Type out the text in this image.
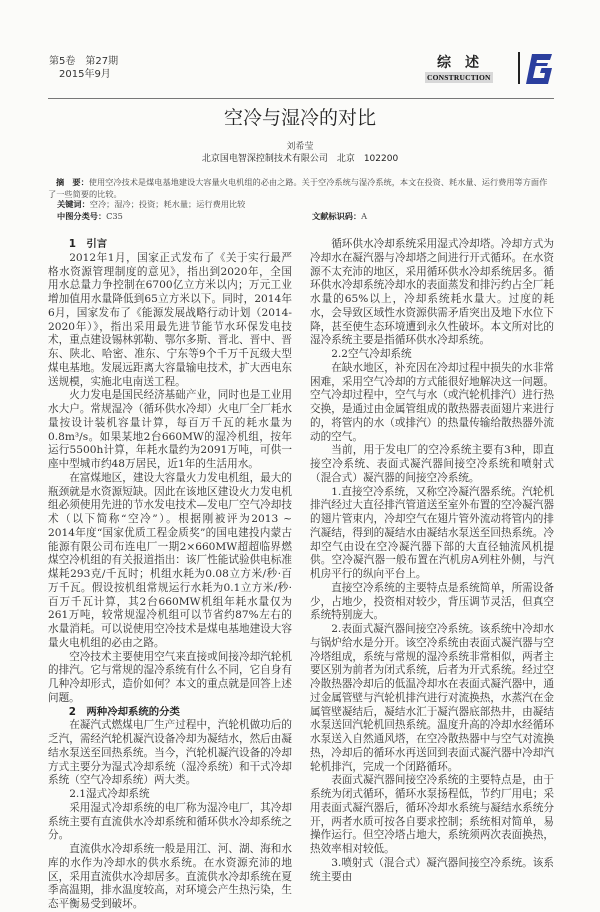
第5卷　第27期
2015年9月
综述
CONSTRUCTION
空冷与湿冷的对比
刘希莹
北京国电智深控制技术有限公司　北京　102200
摘　要：使用空冷技术是煤电基地建设大容量火电机组的必由之路。关于空冷系统与湿冷系统，本文在投资、耗水量、运行费用等方面作了一些简要的比较。
关键词：空冷；湿冷；投资；耗水量；运行费用比较
中图分类号：C35	文献标识码：A
1　引言

2012年1月，国家正式发布了《关于实行最严格水资源管理制度的意见》，指出到2020年，全国用水总量力争控制在6700亿立方米以内；万元工业增加值用水量降低到65立方米以下。同时，2014年6月，国家发布了《能源发展战略行动计划（2014-2020年）》，指出采用最先进节能节水环保发电技术，重点建设锡林郭勒、鄂尔多斯、晋北、晋中、晋东、陕北、哈密、准东、宁东等9个千万千瓦级大型煤电基地。发展远距离大容量输电技术，扩大西电东送规模，实施北电南送工程。

火力发电是国民经济基础产业，同时也是工业用水大户。常规湿冷（循环供水冷却）火电厂全厂耗水量按设计装机容量计算，每百万千瓦的耗水量为0.8m³/s。如果某地2台660MW的湿冷机组，按年运行5500h计算，年耗水量约为2091万吨，可供一座中型城市约48万居民，近1年的生活用水。

在富煤地区，建设大容量火力发电机组，最大的瓶颈就是水资源短缺。因此在该地区建设火力发电机组必须使用先进的节水发电技术—发电厂空气冷却技术（以下简称“空冷”）。根据刚被评为2013 ~ 2014年度“国家优质工程金质奖”的国电建投内蒙古能源有限公司布连电厂一期2×660MW超超临界燃煤空冷机组的有关报道指出：该厂性能试验供电标准煤耗293克/千瓦时；机组水耗为0.08立方米/秒·百万千瓦。假设按机组常规运行水耗为0.1立方米/秒·百万千瓦计算，其2台660MW机组年耗水量仅为261万吨，较常规湿冷机组可以节省约87%左右的水量消耗。可以说使用空冷技术是煤电基地建设大容量火电机组的必由之路。

空冷技术主要使用空气来直接或间接冷却汽轮机的排汽。它与常规的湿冷系统有什么不同，它自身有几种冷却形式，造价如何？本文的重点就是回答上述问题。

2　两种冷却系统的分类

在凝汽式燃煤电厂生产过程中，汽轮机做功后的乏汽，需经汽轮机凝汽设备冷却为凝结水，然后由凝结水泵送至回热系统。当今，汽轮机凝汽设备的冷却方式主要分为湿式冷却系统（湿冷系统）和干式冷却系统（空气冷却系统）两大类。

2.1湿式冷却系统

采用湿式冷却系统的电厂称为湿冷电厂，其冷却系统主要有直流供水冷却系统和循环供水冷却系统之分。

直流供水冷却系统一般是用江、河、湖、海和水库的水作为冷却水的供水系统。在水资源充沛的地区，采用直流供水冷却居多。直流供水冷却系统在夏季高温期，排水温度较高，对环境会产生热污染，生态平衡易受到破坏。

循环供水冷却系统采用湿式冷却塔。冷却方式为冷却水在凝汽器与冷却塔之间进行开式循环。在水资源不太充沛的地区，采用循环供水冷却系统居多。循环供水冷却系统冷却水的表面蒸发和排污约占全厂耗水量的65%以上，冷却系统耗水量大。过度的耗水，会导致区域性水资源供需矛盾突出及地下水位下降，甚至使生态环境遭到永久性破坏。本文所对比的湿冷系统主要是指循环供水冷却系统。

2.2空气冷却系统

在缺水地区，补充因在冷却过程中损失的水非常困难，采用空气冷却的方式能很好地解决这一问题。空气冷却过程中，空气与水（或汽轮机排汽）进行热交换，是通过由金属管组成的散热器表面翅片来进行的，将管内的水（或排汽）的热量传输给散热器外流动的空气。

当前，用于发电厂的空冷系统主要有3种，即直接空冷系统、表面式凝汽器间接空冷系统和喷射式（混合式）凝汽器的间接空冷系统。

1.直接空冷系统，又称空冷凝汽器系统。汽轮机排汽经过大直径排汽管道送至室外布置的空冷凝汽器的翅片管束内，冷却空气在翅片管外流动将管内的排汽凝结，得到的凝结水由凝结水泵送至回热系统。冷却空气由设在空冷凝汽器下部的大直径轴流风机提供。空冷凝汽器一般布置在汽机房A列柱外侧，与汽机房平行的纵向平台上。

直接空冷系统的主要特点是系统简单，所需设备少，占地少，投资相对较少，背压调节灵活，但真空系统特别庞大。

2.表面式凝汽器间接空冷系统。该系统中冷却水与锅炉给水是分开。该空冷系统由表面式凝汽器与空冷塔组成，系统与常规的湿冷系统非常相似，两者主要区别为前者为闭式系统，后者为开式系统。经过空冷散热器冷却后的低温冷却水在表面式凝汽器中，通过金属管壁与汽轮机排汽进行对流换热，水蒸汽在金属管壁凝结后，凝结水汇于凝汽器底部热井，由凝结水泵送回汽轮机回热系统。温度升高的冷却水经循环水泵送入自然通风塔，在空冷散热器中与空气对流换热，冷却后的循环水再送回到表面式凝汽器中冷却汽轮机排汽，完成一个闭路循环。

表面式凝汽器间接空冷系统的主要特点是，由于系统为闭式循环，循环水泵扬程低，节约厂用电；采用表面式凝汽器后，循环冷却水系统与凝结水系统分开，两者水质可按各自要求控制；系统相对简单，易操作运行。但空冷塔占地大，系统须两次表面换热，热效率相对较低。

3.喷射式（混合式）凝汽器间接空冷系统。该系统主要由
